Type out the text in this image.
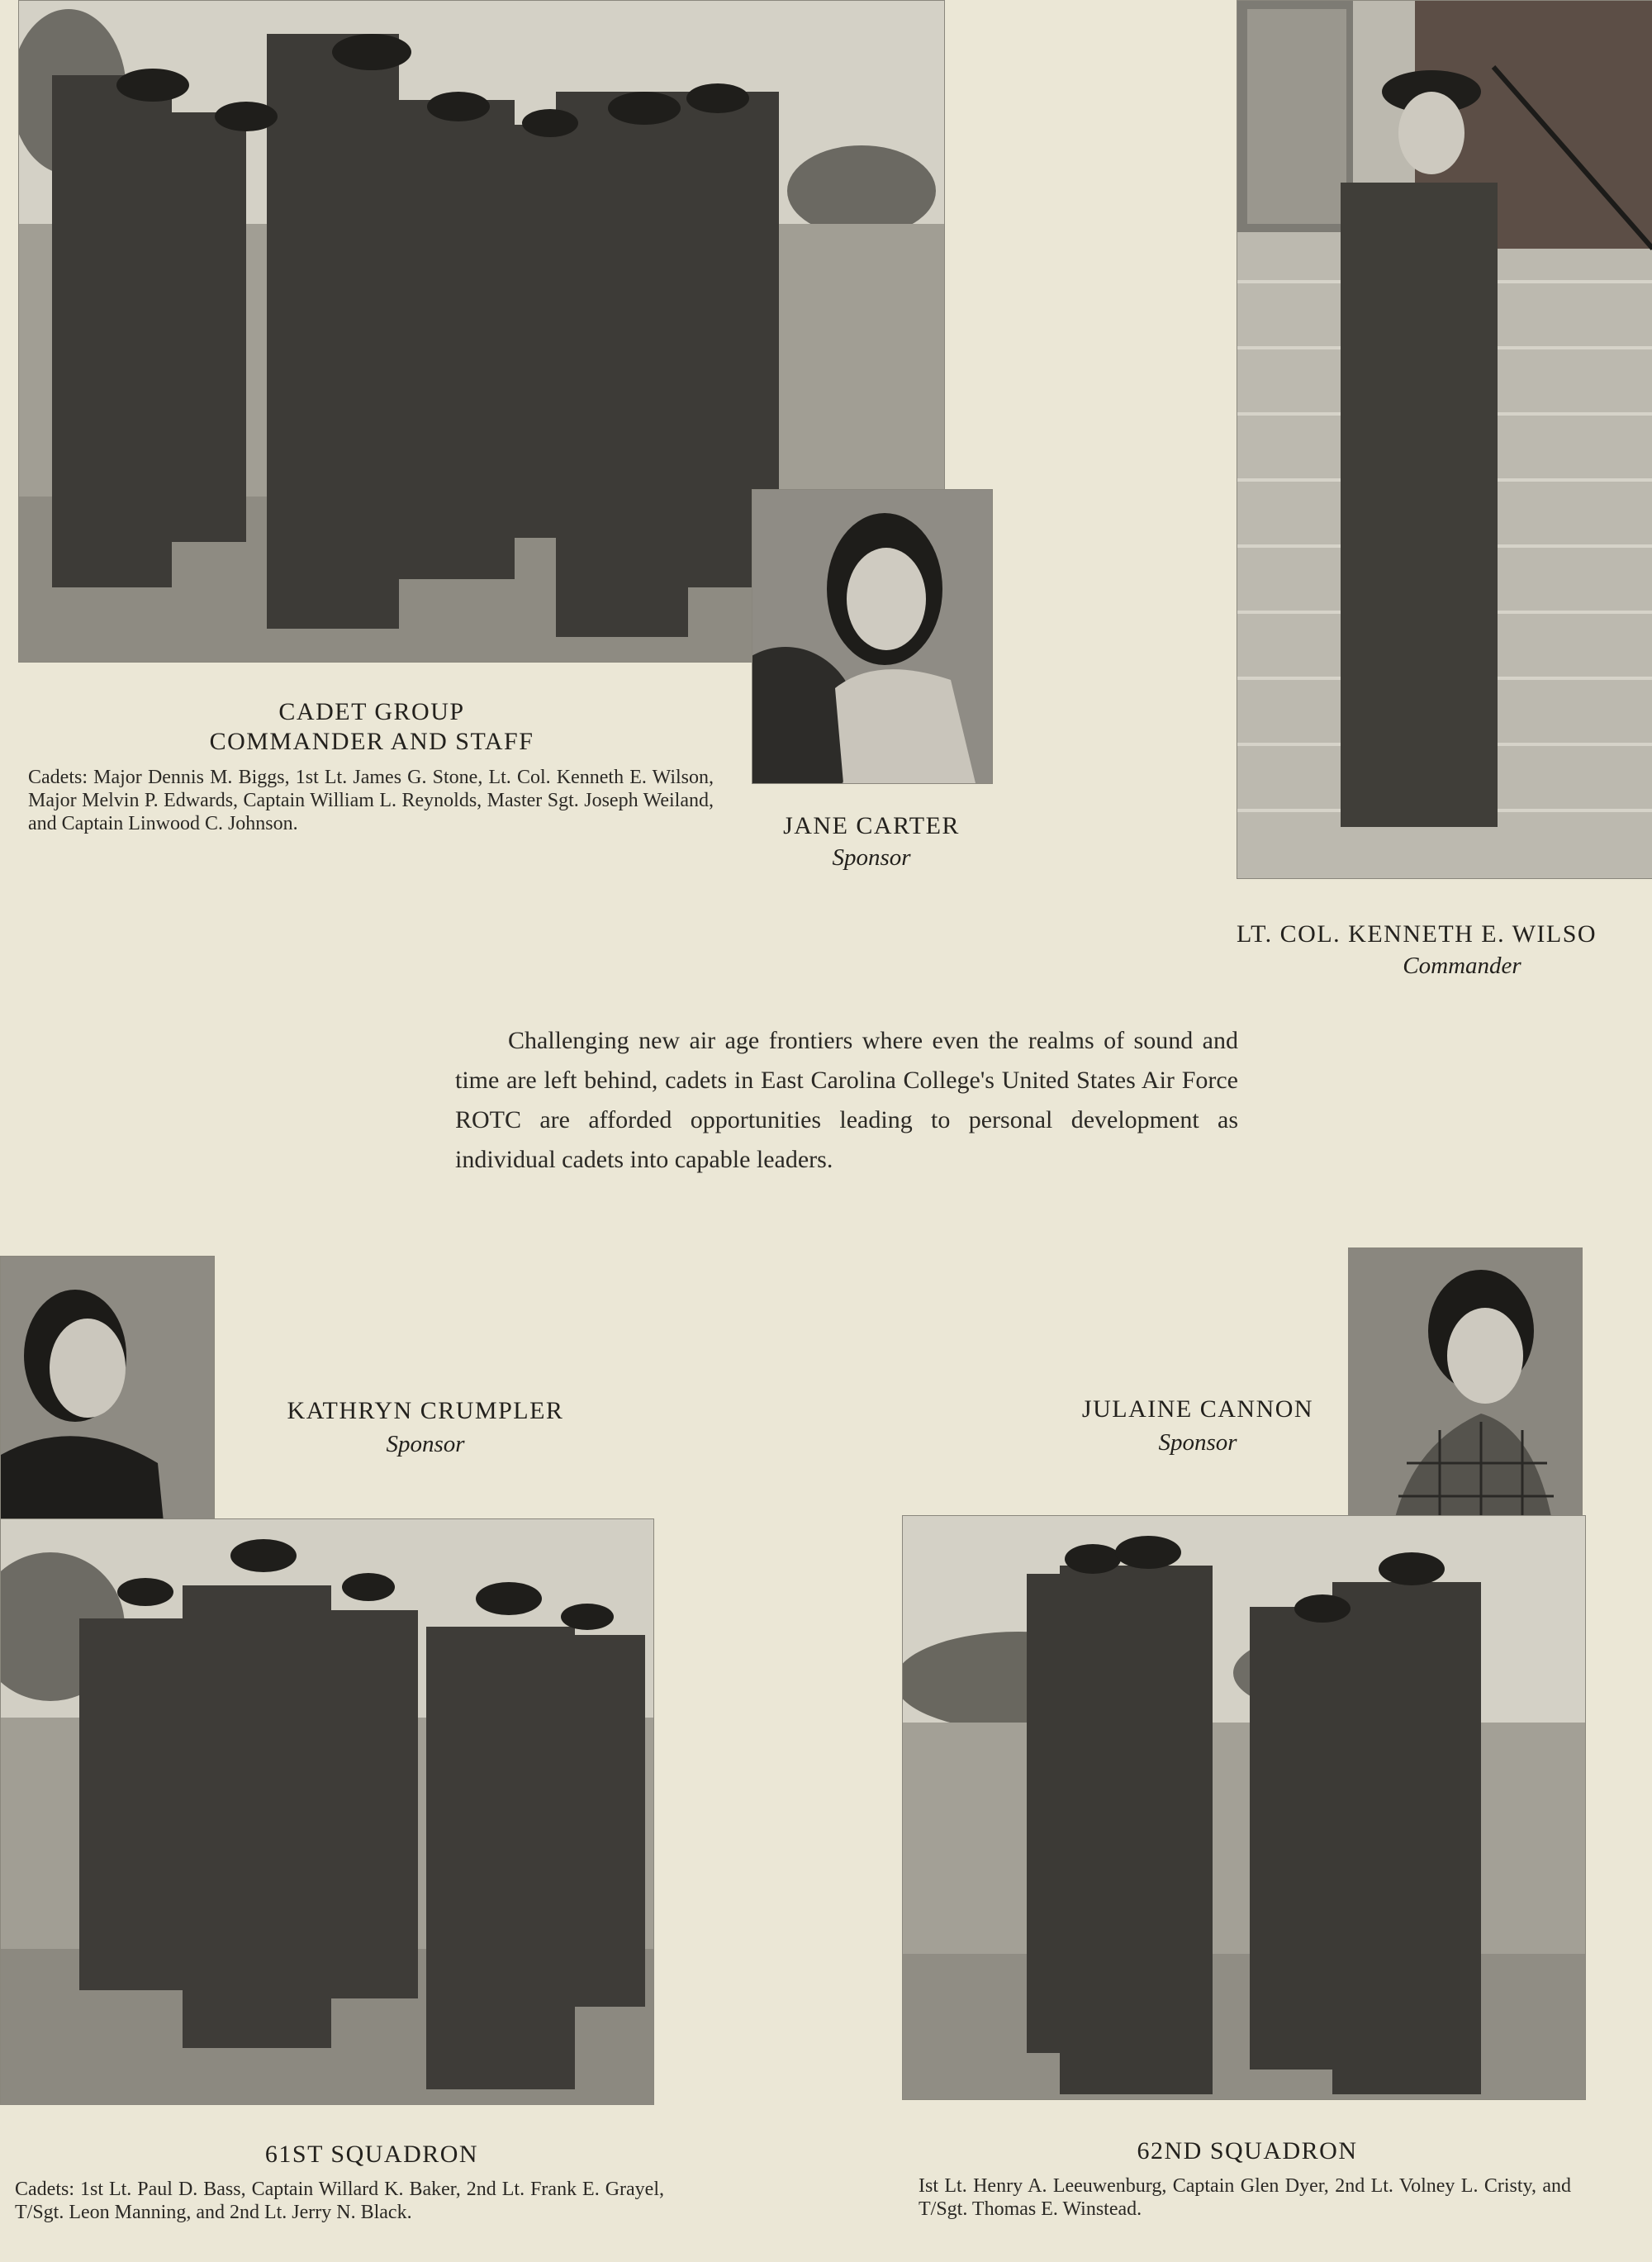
CADET GROUP
COMMANDER AND STAFF
Cadets: Major Dennis M. Biggs, 1st Lt. James G. Stone, Lt. Col. Kenneth E. Wilson, Major Melvin P. Edwards, Captain William L. Reynolds, Master Sgt. Joseph Weiland, and Captain Linwood C. Johnson.	JANE CARTER
Sponsor
LT. COL. KENNETH E. WILSO
Commander
Challenging new air age frontiers where even the realms of sound and time are left behind, cadets in East Carolina College's United States Air Force ROTC are afforded opportunities leading to personal development as individual cadets into capable leaders.
KATHRYN CRUMPLER
Sponsor
JULAINE CANNON
Sponsor
61ST SQUADRON
Cadets: 1st Lt. Paul D. Bass, Captain Willard K. Baker, 2nd Lt. Frank E. Grayel, T/Sgt. Leon Manning, and 2nd Lt. Jerry N. Black.
62ND SQUADRON
Ist Lt. Henry A. Leeuwenburg, Captain Glen Dyer, 2nd Lt. Volney L. Cristy, and T/Sgt. Thomas E. Winstead.
